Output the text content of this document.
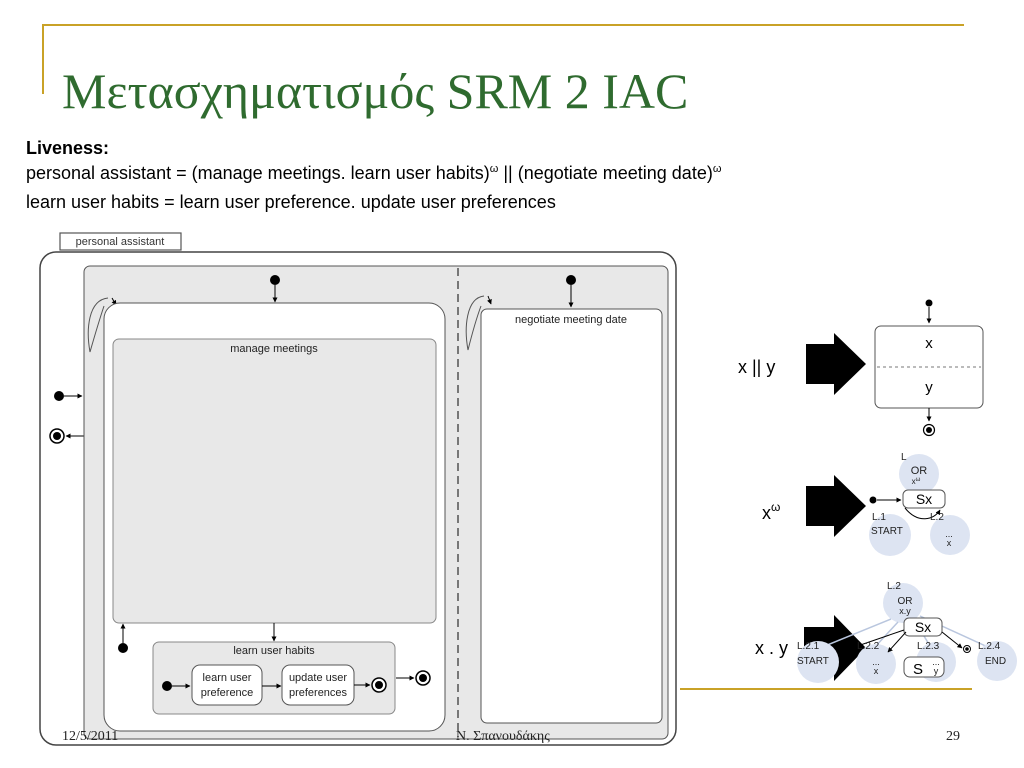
Μετασχηματισμός SRM 2 IAC
Liveness:
personal assistant = (manage meetings. learn user habits)$^\omega$ || (negotiate meeting date)$^\omega$
learn user habits = learn user preference. update user preferences
personal assistant
manage meetings
learn user habits
learn user
preference
update user
preferences
negotiate meeting date
x || y
x
y
$x^\omega$
L
OR
$x^\omega$
Sx
L.1
START
L.2
...
x
x . y
L.2
OR
x.y
Sx
S
L.2.1
START
L.2.2
...
x
L.2.3
...
y
L.2.4
END
12/5/2011	Ν. Σπανουδάκης	29
